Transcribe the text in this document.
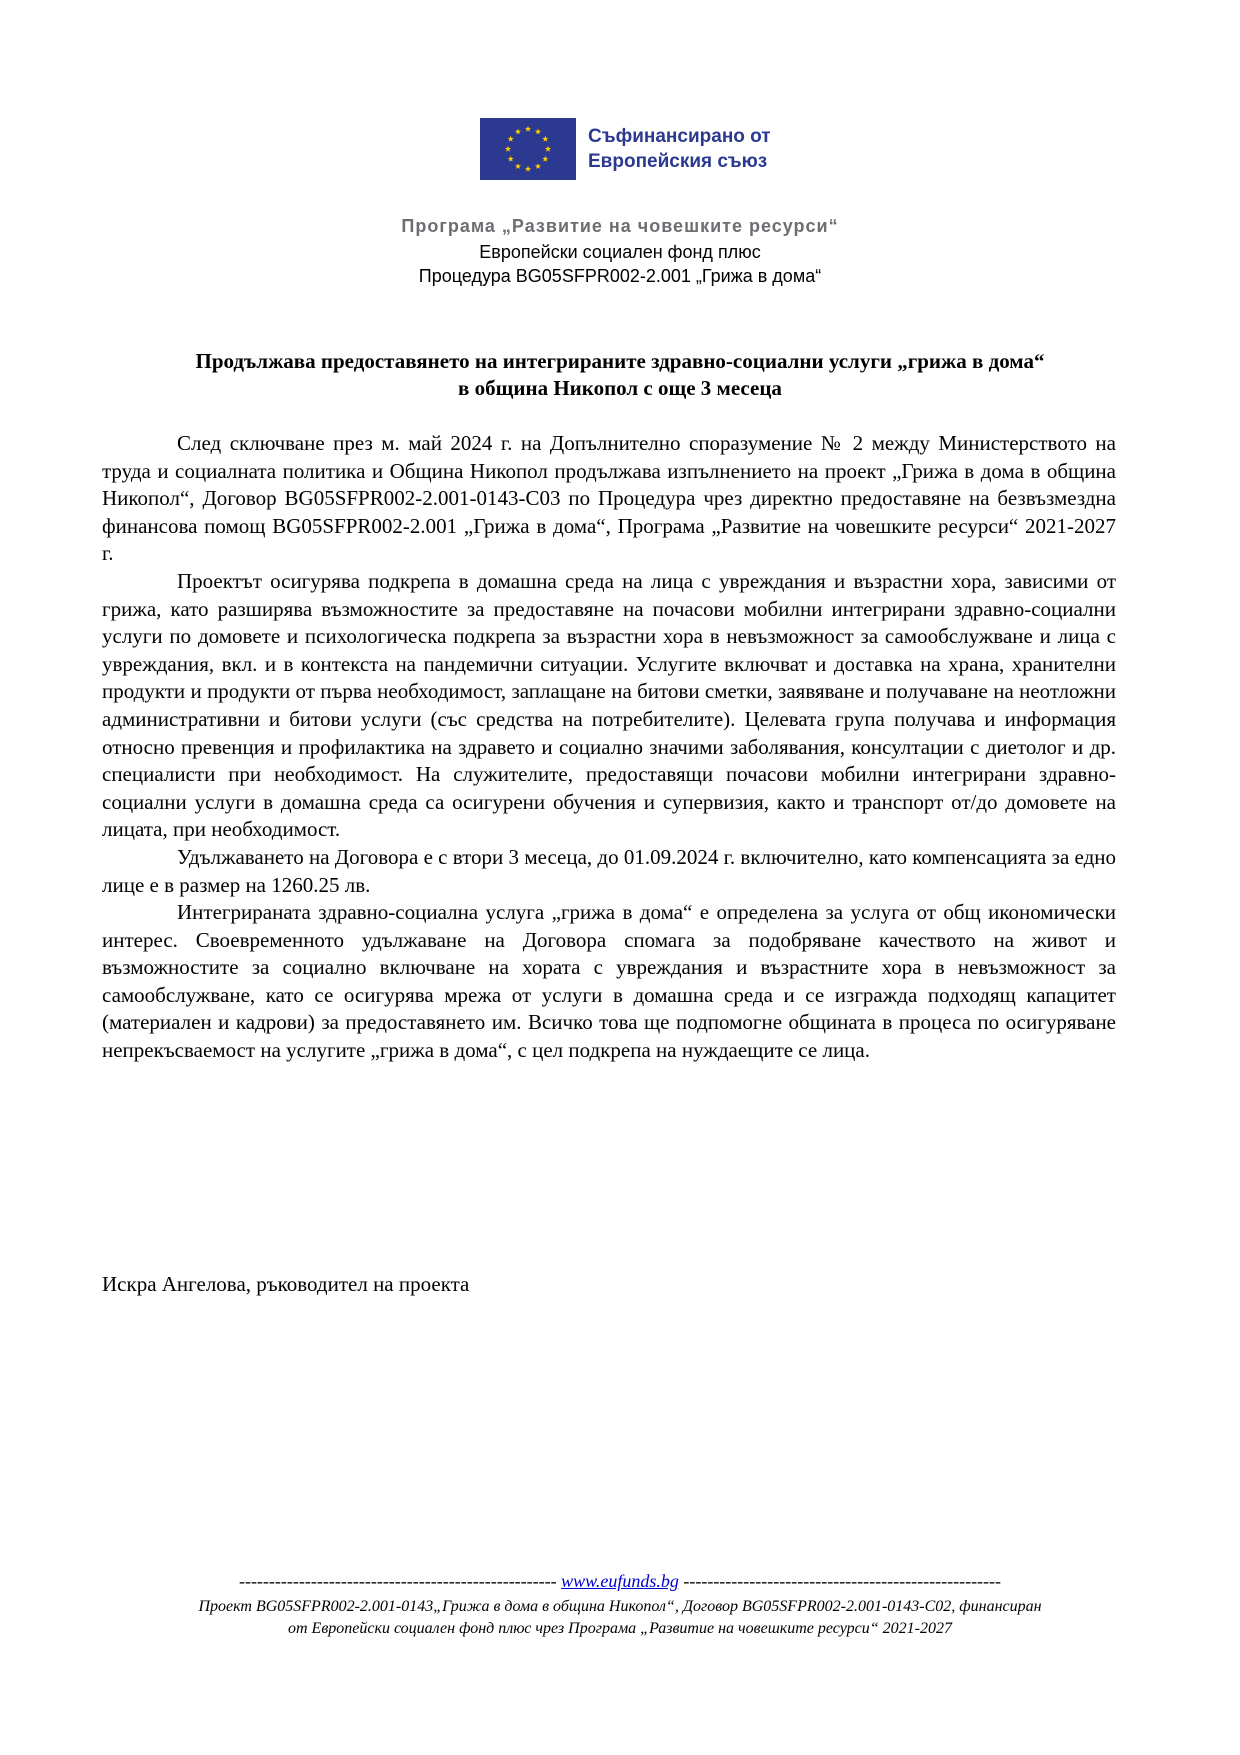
Съфинансирано от
Европейския съюз
Програма „Развитие на човешките ресурси“
Европейски социален фонд плюс
Процедура BG05SFPR002-2.001 „Грижа в дома“
Продължава предоставянето на интегрираните здравно-социални услуги „грижа в дома“
в община Никопол с още 3 месеца

След сключване през м. май 2024 г. на Допълнително споразумение № 2 между Министерството на труда и социалната политика и Община Никопол продължава изпълнението на проект „Грижа в дома в община Никопол“, Договор BG05SFPR002-2.001-0143-C03 по Процедура чрез директно предоставяне на безвъзмездна финансова помощ BG05SFPR002-2.001 „Грижа в дома“, Програма „Развитие на човешките ресурси“ 2021-2027 г.

Проектът осигурява подкрепа в домашна среда на лица с увреждания и възрастни хора, зависими от грижа, като разширява възможностите за предоставяне на почасови мобилни интегрирани здравно-социални услуги по домовете и психологическа подкрепа за възрастни хора в невъзможност за самообслужване и лица с увреждания, вкл. и в контекста на пандемични ситуации. Услугите включват и доставка на храна, хранителни продукти и продукти от първа необходимост, заплащане на битови сметки, заявяване и получаване на неотложни административни и битови услуги (със средства на потребителите). Целевата група получава и информация относно превенция и профилактика на здравето и социално значими заболявания, консултации с диетолог и др. специалисти при необходимост. На служителите, предоставящи почасови мобилни интегрирани здравно-социални услуги в домашна среда са осигурени обучения и супервизия, както и транспорт от/до домовете на лицата, при необходимост.

Удължаването на Договора е с втори 3 месеца, до 01.09.2024 г. включително, като компенсацията за едно лице е в размер на 1260.25 лв.

Интегрираната здравно-социална услуга „грижа в дома“ е определена за услуга от общ икономически интерес. Своевременното удължаване на Договора спомага за подобряване качеството на живот и възможностите за социално включване на хората с увреждания и възрастните хора в невъзможност за самообслужване, като се осигурява мрежа от услуги в домашна среда и се изгражда подходящ капацитет (материален и кадрови) за предоставянето им. Всичко това ще подпомогне общината в процеса по осигуряване непрекъсваемост на услугите „грижа в дома“, с цел подкрепа на нуждаещите се лица.

Искра Ангелова, ръководител на проекта
----------------------------------------------------- www.eufunds.bg -----------------------------------------------------
Проект BG05SFPR002-2.001-0143„Грижа в дома в община Никопол“, Договор BG05SFPR002-2.001-0143-C02, финансиран
от Европейски социален фонд плюс чрез Програма „Развитие на човешките ресурси“ 2021-2027
